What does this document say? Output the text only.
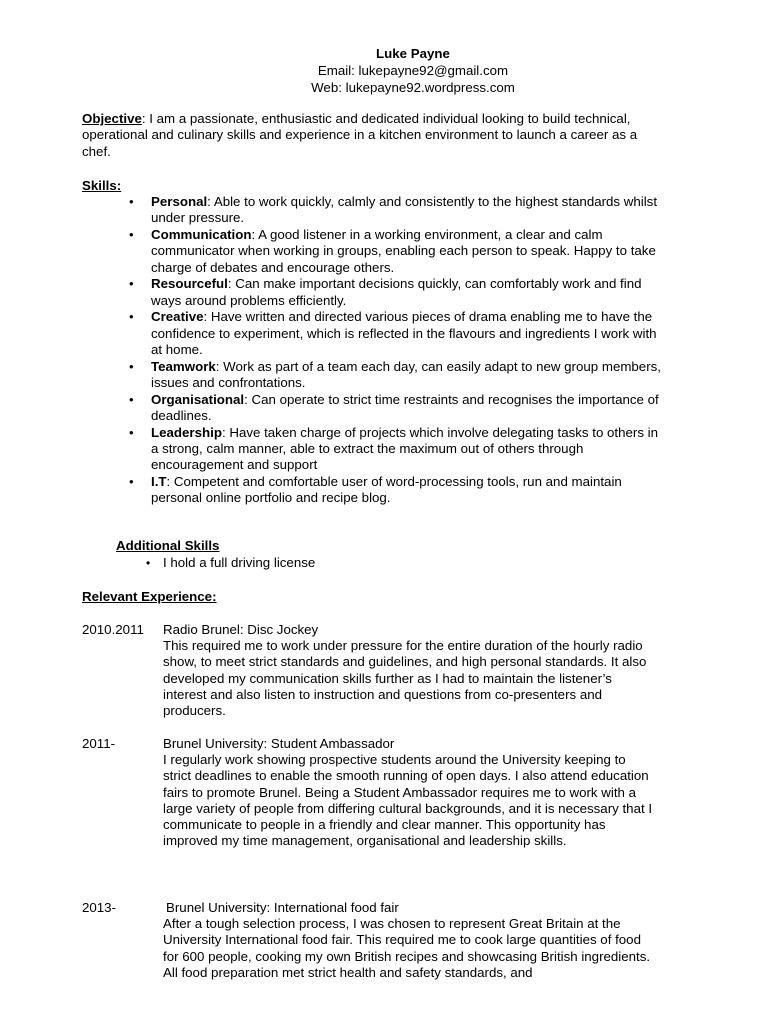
Luke Payne
Email: lukepayne92@gmail.com
Web: lukepayne92.wordpress.com
Objective: I am a passionate, enthusiastic and dedicated individual looking to build technical, operational and culinary skills and experience in a kitchen environment to launch a career as a chef.
Skills:
• Personal: Able to work quickly, calmly and consistently to the highest standards whilst under pressure.
• Communication: A good listener in a working environment, a clear and calm communicator when working in groups, enabling each person to speak. Happy to take charge of debates and encourage others.
• Resourceful: Can make important decisions quickly, can comfortably work and find ways around problems efficiently.
• Creative: Have written and directed various pieces of drama enabling me to have the confidence to experiment, which is reflected in the flavours and ingredients I work with at home.
• Teamwork: Work as part of a team each day, can easily adapt to new group members, issues and confrontations.
• Organisational: Can operate to strict time restraints and recognises the importance of deadlines.
• Leadership: Have taken charge of projects which involve delegating tasks to others in a strong, calm manner, able to extract the maximum out of others through encouragement and support
• I.T: Competent and comfortable user of word-processing tools, run and maintain personal online portfolio and recipe blog.
Additional Skills
• I hold a full driving license
Relevant Experience:
2010.2011 Radio Brunel: Disc Jockey
This required me to work under pressure for the entire duration of the hourly radio show, to meet strict standards and guidelines, and high personal standards. It also developed my communication skills further as I had to maintain the listener’s interest and also listen to instruction and questions from co-presenters and producers.
2011-	Brunel University: Student Ambassador
I regularly work showing prospective students around the University keeping to strict deadlines to enable the smooth running of open days. I also attend education fairs to promote Brunel. Being a Student Ambassador requires me to work with a large variety of people from differing cultural backgrounds, and it is necessary that I communicate to people in a friendly and clear manner. This opportunity has improved my time management, organisational and leadership skills.
2013-	Brunel University: International food fair
After a tough selection process, I was chosen to represent Great Britain at the University International food fair. This required me to cook large quantities of food for 600 people, cooking my own British recipes and showcasing British ingredients. All food preparation met strict health and safety standards, and
